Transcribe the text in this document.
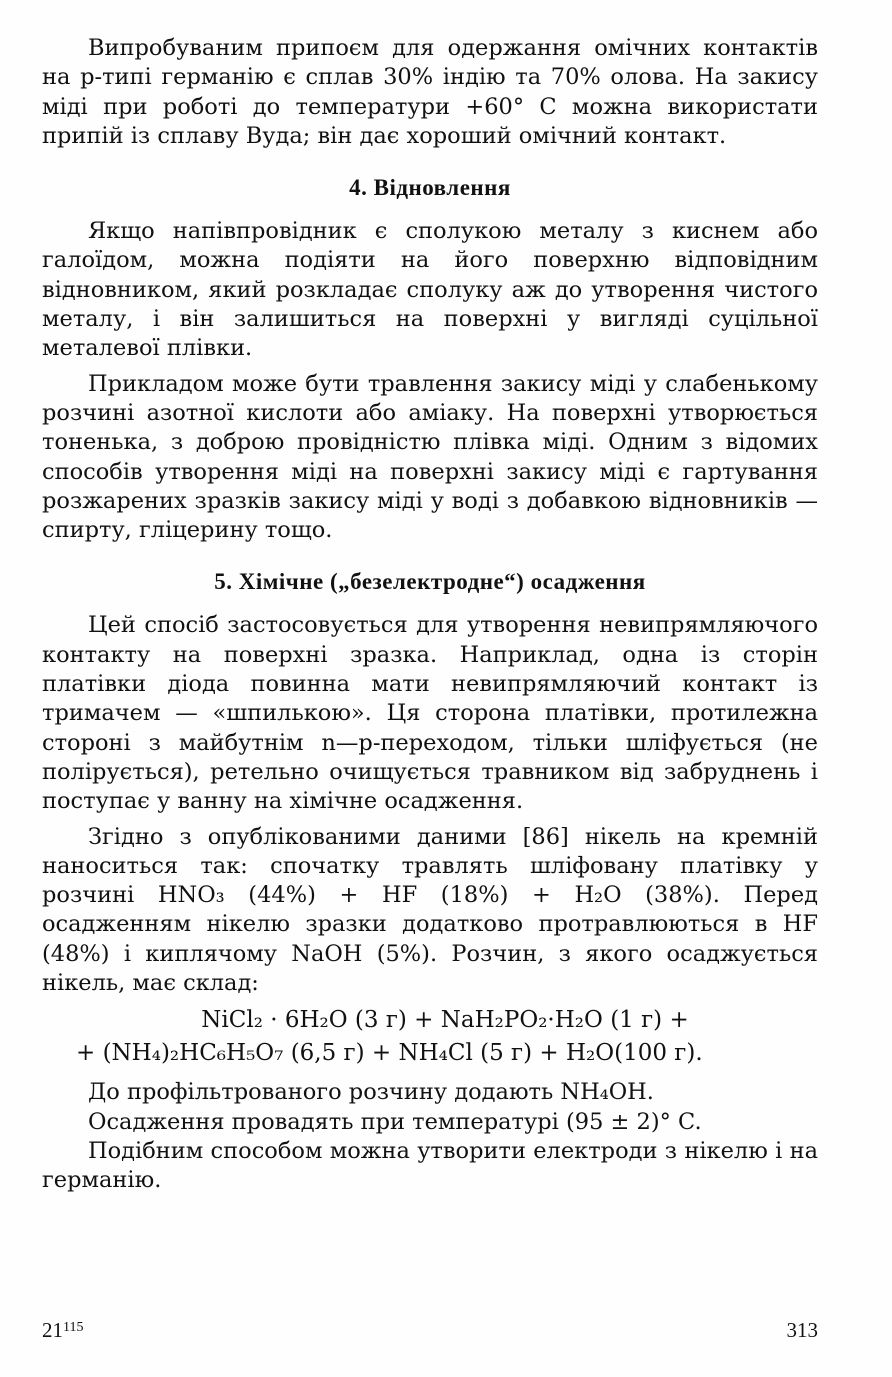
Випробуваним припоєм для одержання омічних контактів на p-типі германію є сплав 30% індію та 70% олова. На закису міді при роботі до температури +60° C можна використати припій із сплаву Вуда; він дає хороший омічний контакт.

4. Відновлення

Якщо напівпровідник є сполукою металу з киснем або галоїдом, можна подіяти на його поверхню відповідним відновником, який розкладає сполуку аж до утворення чистого металу, і він залишиться на поверхні у вигляді суцільної металевої плівки.

Прикладом може бути травлення закису міді у слабенькому розчині азотної кислоти або аміаку. На поверхні утворюється тоненька, з доброю провідністю плівка міді. Одним з відомих способів утворення міді на поверхні закису міді є гартування розжарених зразків закису міді у воді з добавкою відновників — спирту, гліцерину тощо.

5. Хімічне („безелектродне“) осадження

Цей спосіб застосовується для утворення невипрямляючого контакту на поверхні зразка. Наприклад, одна із сторін платівки діода повинна мати невипрямляючий контакт із тримачем — «шпилькою». Ця сторона платівки, протилежна стороні з майбутнім n—p-переходом, тільки шліфується (не полірується), ретельно очищується травником від забруднень і поступає у ванну на хімічне осадження.

Згідно з опублікованими даними [86] нікель на кремній наноситься так: спочатку травлять шліфовану платівку у розчині HNO₃ (44%) + HF (18%) + H₂O (38%). Перед осадженням нікелю зразки додатково протравлюються в HF (48%) і киплячому NaOH (5%). Розчин, з якого осаджується нікель, має склад:

NiCl₂ · 6H₂O (3 г) + NaH₂PO₂·H₂O (1 г) +
+ (NH₄)₂HC₆H₅O₇ (6,5 г) + NH₄Cl (5 г) + H₂O(100 г).

До профільтрованого розчину додають NH₄OH.

Осадження провадять при температурі (95 ± 2)° C.

Подібним способом можна утворити електроди з нікелю і на германію.

$21^{115}$	313
